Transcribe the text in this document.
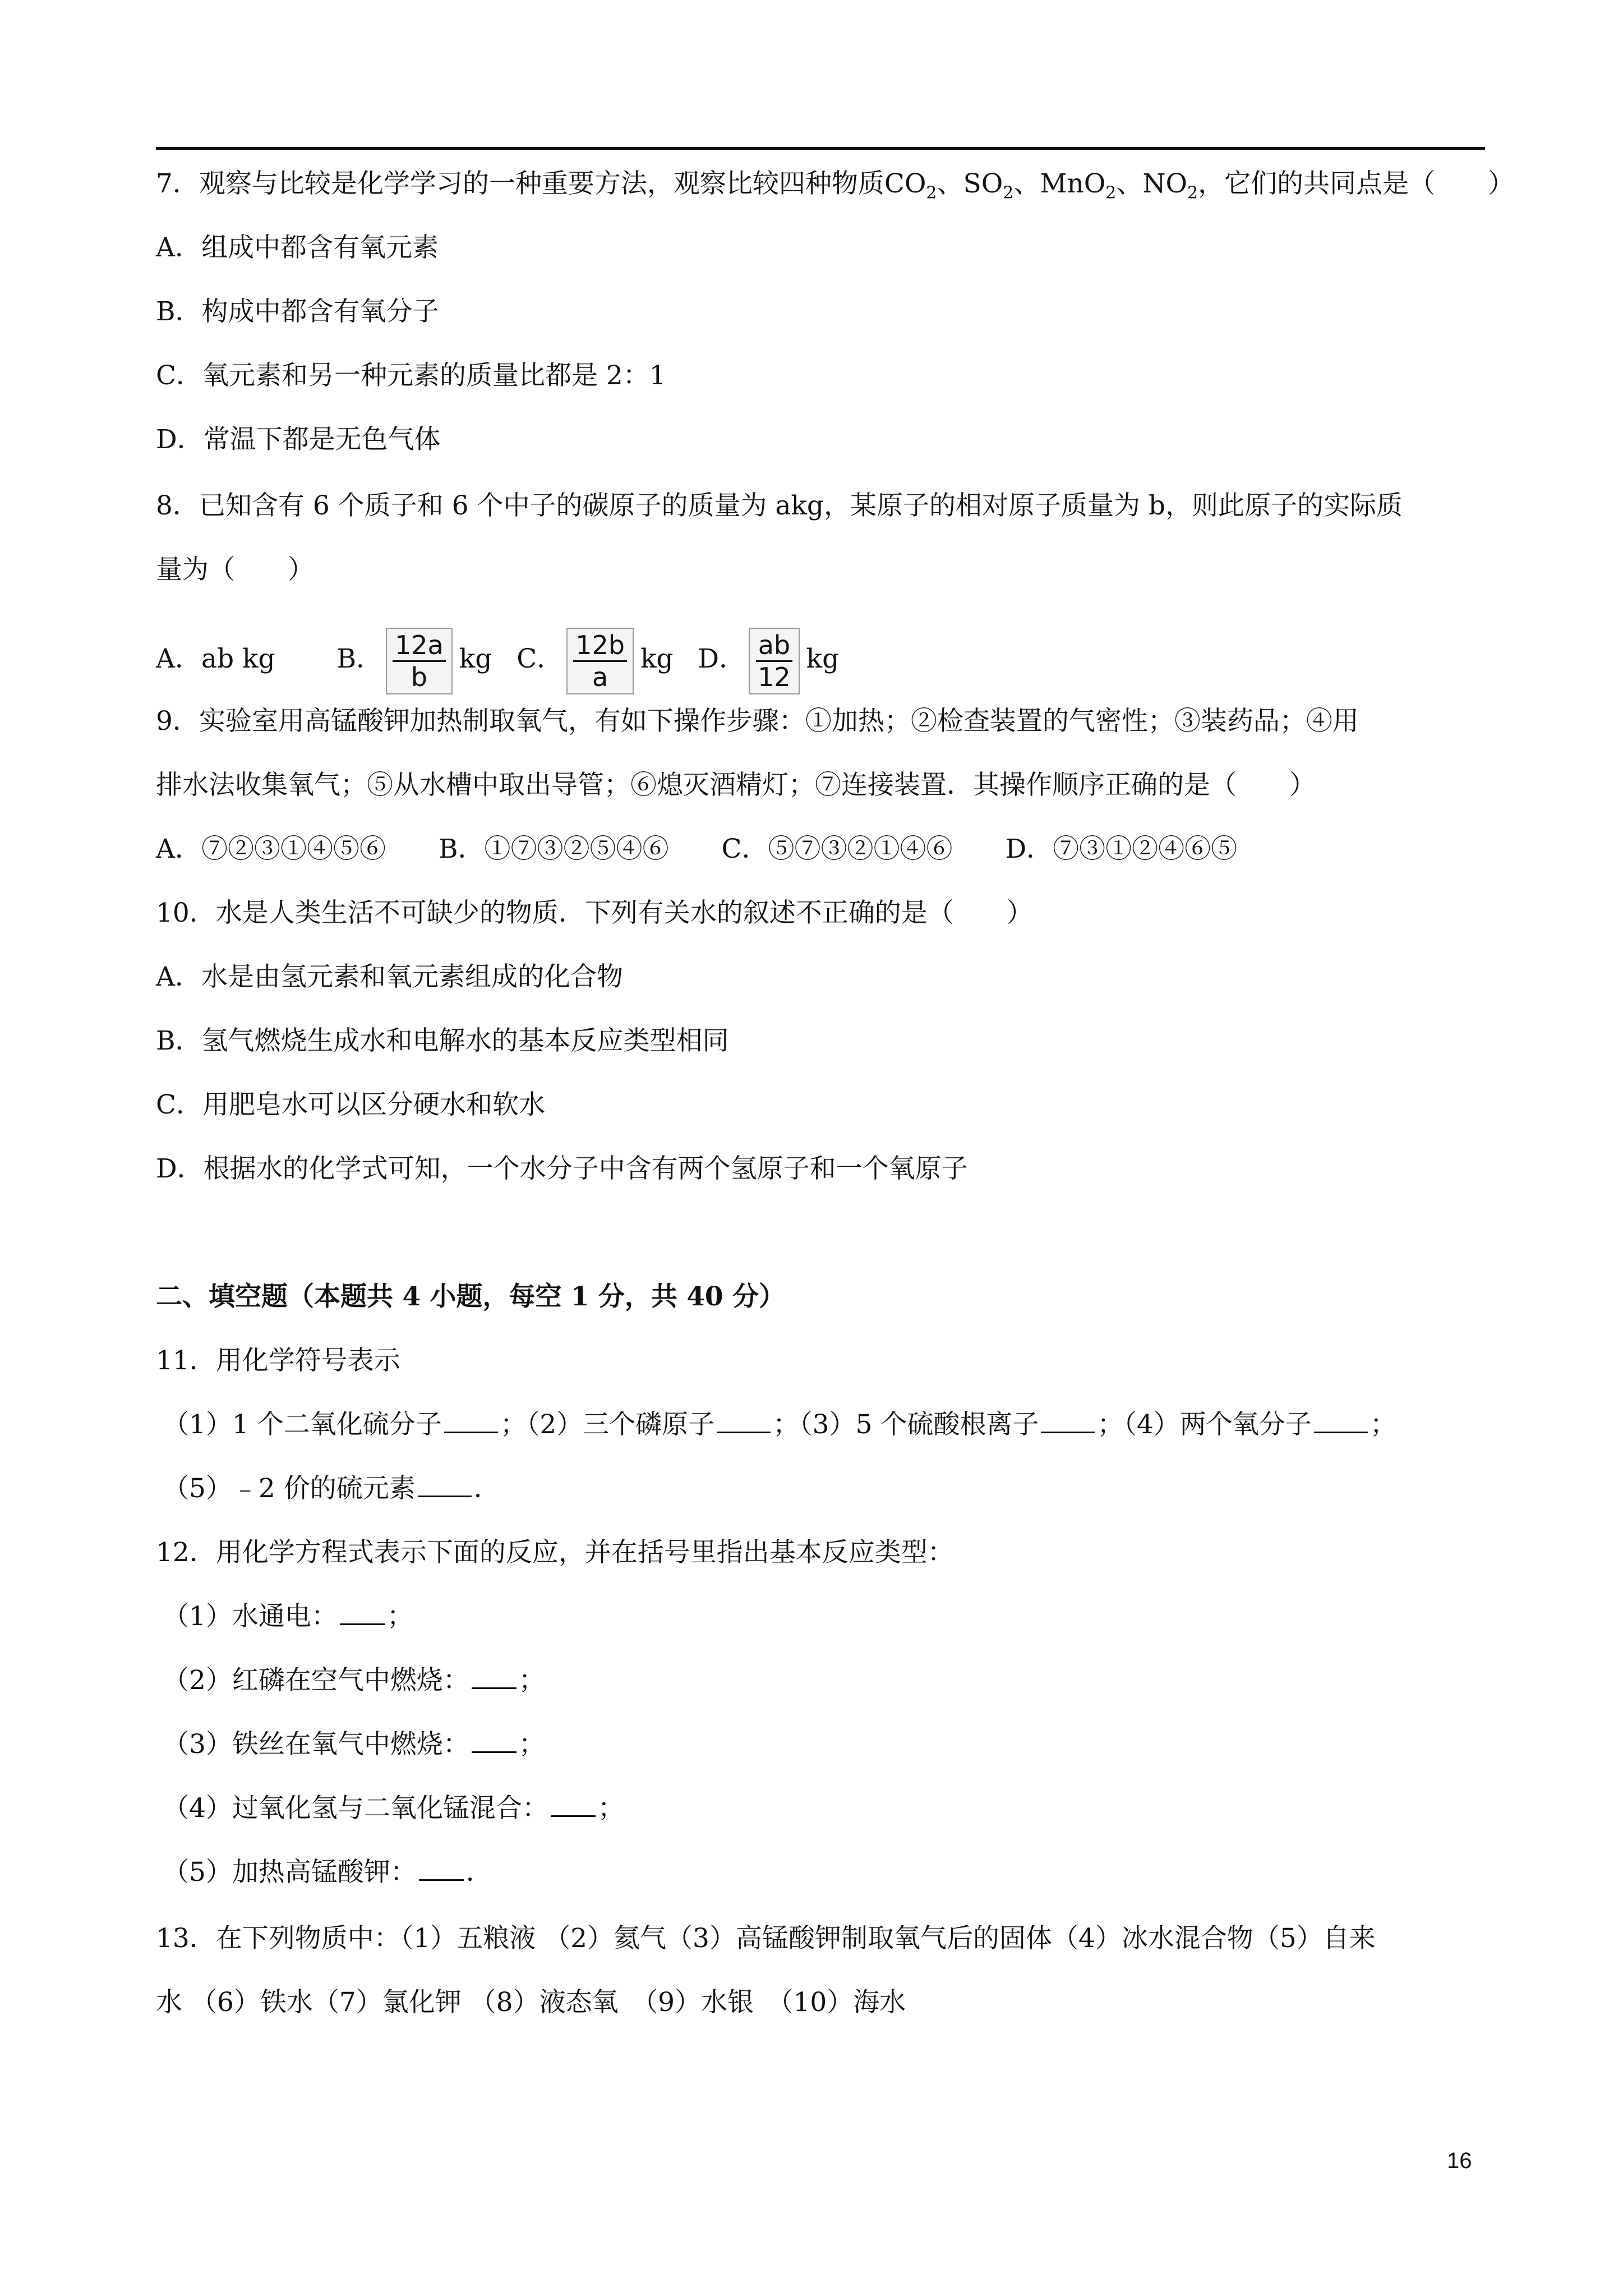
7．观察与比较是化学学习的一种重要方法，观察比较四种物质$CO_2$、$SO_2$、MnO$_2$、$NO_2$，它们的共同点是（　　）
A．组成中都含有氧元素
B．构成中都含有氧分子
C．氧元素和另一种元素的质量比都是 2：1
D．常温下都是无色气体
8．已知含有 6 个质子和 6 个中子的碳原子的质量为 akg，某原子的相对原子质量为 b，则此原子的实际质
量为（　　）
A．ab kg B． $\frac{12a}{b}$ kg C． $\frac{12b}{a}$ kg D． $\frac{ab}{12}$ kg
9．实验室用高锰酸钾加热制取氧气，有如下操作步骤：①加热；②检查装置的气密性；③装药品；④用
排水法收集氧气；⑤从水槽中取出导管；⑥熄灭酒精灯；⑦连接装置．其操作顺序正确的是（　　）
A．⑦②③①④⑤⑥　　B．①⑦③②⑤④⑥　　C．⑤⑦③②①④⑥　　D．⑦③①②④⑥⑤
10．水是人类生活不可缺少的物质．下列有关水的叙述不正确的是（　　）
A．水是由氢元素和氧元素组成的化合物
B．氢气燃烧生成水和电解水的基本反应类型相同
C．用肥皂水可以区分硬水和软水
D．根据水的化学式可知，一个水分子中含有两个氢原子和一个氧原子
二、填空题（本题共 4 小题，每空 1 分，共 40 分）
11．用化学符号表示
（1）1 个二氧化硫分子 ；（2）三个磷原子 ；（3）5 个硫酸根离子 ；（4）两个氧分子 ；
（5）﹣2 价的硫元素 ．
12．用化学方程式表示下面的反应，并在括号里指出基本反应类型：
（1）水通电： ；
（2）红磷在空气中燃烧： ；
（3）铁丝在氧气中燃烧： ；
（4）过氧化氢与二氧化锰混合： ；
（5）加热高锰酸钾： ．
13．在下列物质中：（1）五粮液 （2）氦气（3）高锰酸钾制取氧气后的固体（4）冰水混合物（5）自来
水 （6）铁水（7）氯化钾 （8）液态氧　（9）水银　（10）海水
16
